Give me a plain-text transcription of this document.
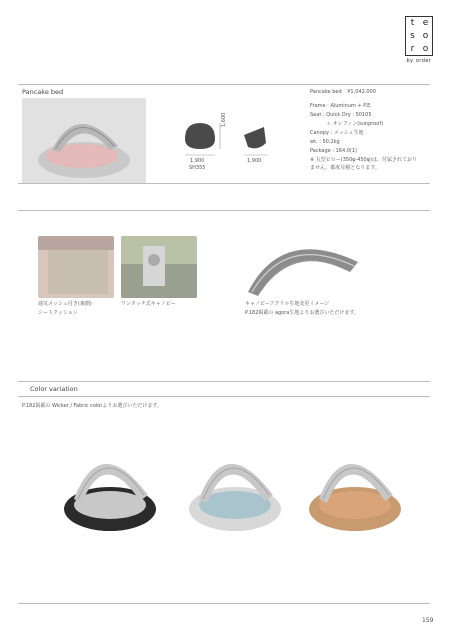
t e
s o
r o
by order
Pancake bed
1,900
1,600
SH355
1,900
Pancake bed ¥1,042,000
Frame : Aluminum + P.E.
Seat : Quick Dry : 50105
＋ オレフィン(sunproof)
Canopy : メッシュ生地
wt. : 50.2kg
Package : 164.0(1)
※ 丸型ピロー(350φ·450φ)は、付属されておりません。都度見積となります。
通気メッシュ付き(裏側)
シートクッション
ワンタッチ式キャノピー	キャノピーアクリル生地変更イメージ
P.182掲載の agora生地よりお選びいただけます。
Color variation
P.182掲載の Wicker / Fabric colorよりお選びいただけます。
159
